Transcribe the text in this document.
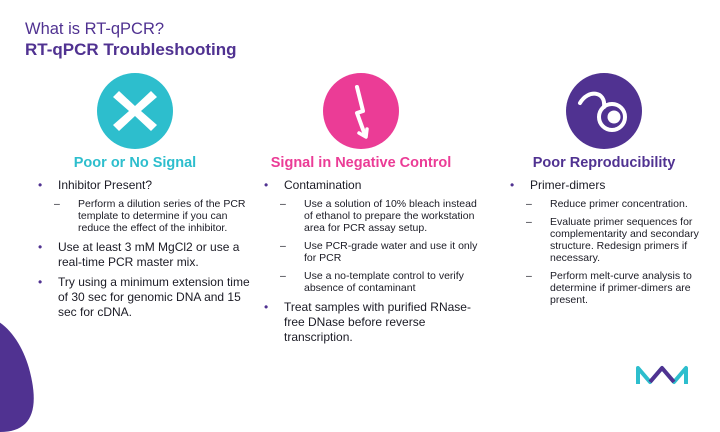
What is RT-qPCR?
RT-qPCR Troubleshooting
Poor or No Signal	Signal in Negative Control	Poor Reproducibility
• Inhibitor Present?
– Perform a dilution series of the PCR template to determine if you can reduce the effect of the inhibitor.
• Use at least 3 mM MgCl2 or use a real-time PCR master mix.
• Try using a minimum extension time of 30 sec for genomic DNA and 15 sec for cDNA.
• Contamination
– Use a solution of 10% bleach instead of ethanol to prepare the workstation area for PCR assay setup.
– Use PCR-grade water and use it only for PCR
– Use a no-template control to verify absence of contaminant
• Treat samples with purified RNase-free DNase before reverse transcription.
• Primer-dimers
– Reduce primer concentration.
– Evaluate primer sequences for complementarity and secondary structure. Redesign primers if necessary.
– Perform melt-curve analysis to determine if primer-dimers are present.
